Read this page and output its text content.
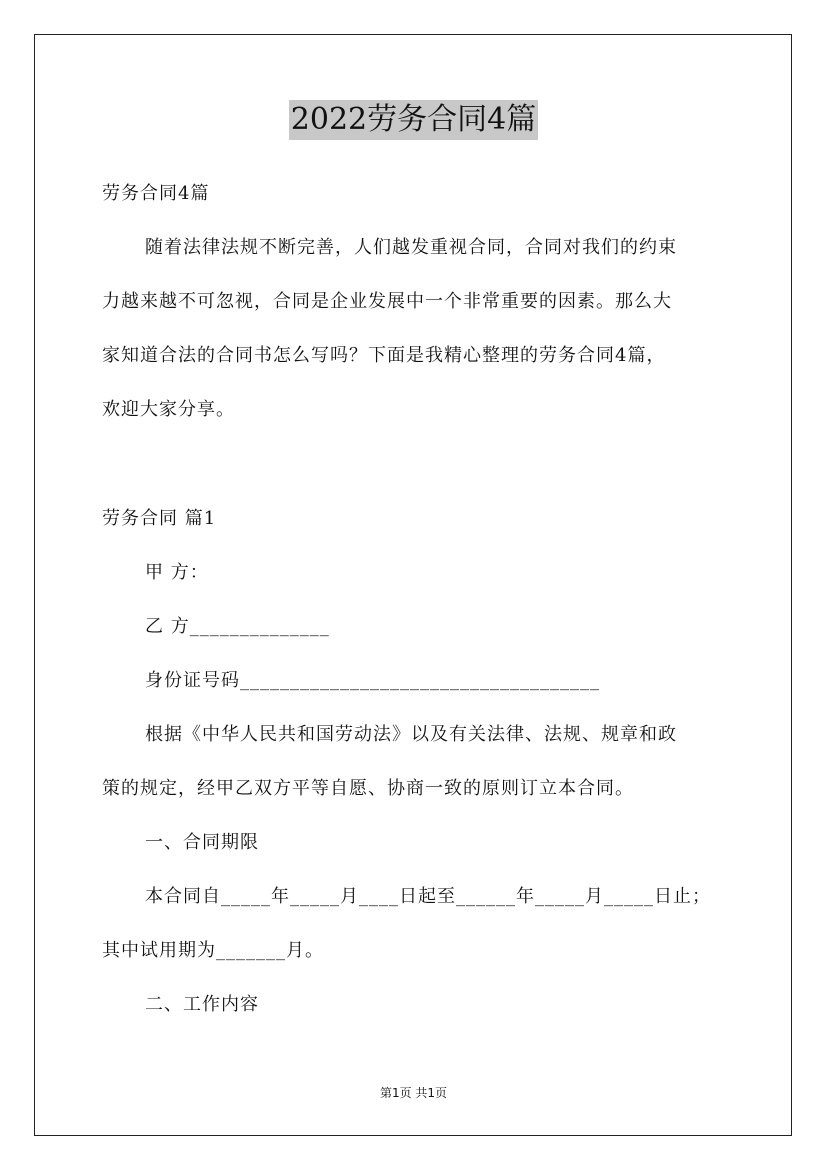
2022劳务合同4篇
劳务合同4篇
随着法律法规不断完善，人们越发重视合同，合同对我们的约束
力越来越不可忽视，合同是企业发展中一个非常重要的因素。那么大
家知道合法的合同书怎么写吗？下面是我精心整理的劳务合同4篇，
欢迎大家分享。
劳务合同 篇1
甲 方：
乙 方______________
身份证号码____________________________________
根据《中华人民共和国劳动法》以及有关法律、法规、规章和政
策的规定，经甲乙双方平等自愿、协商一致的原则订立本合同。
一、合同期限
本合同自_____年_____月____日起至______年_____月_____日止；
其中试用期为_______月。
二、工作内容
第1页 共1页
